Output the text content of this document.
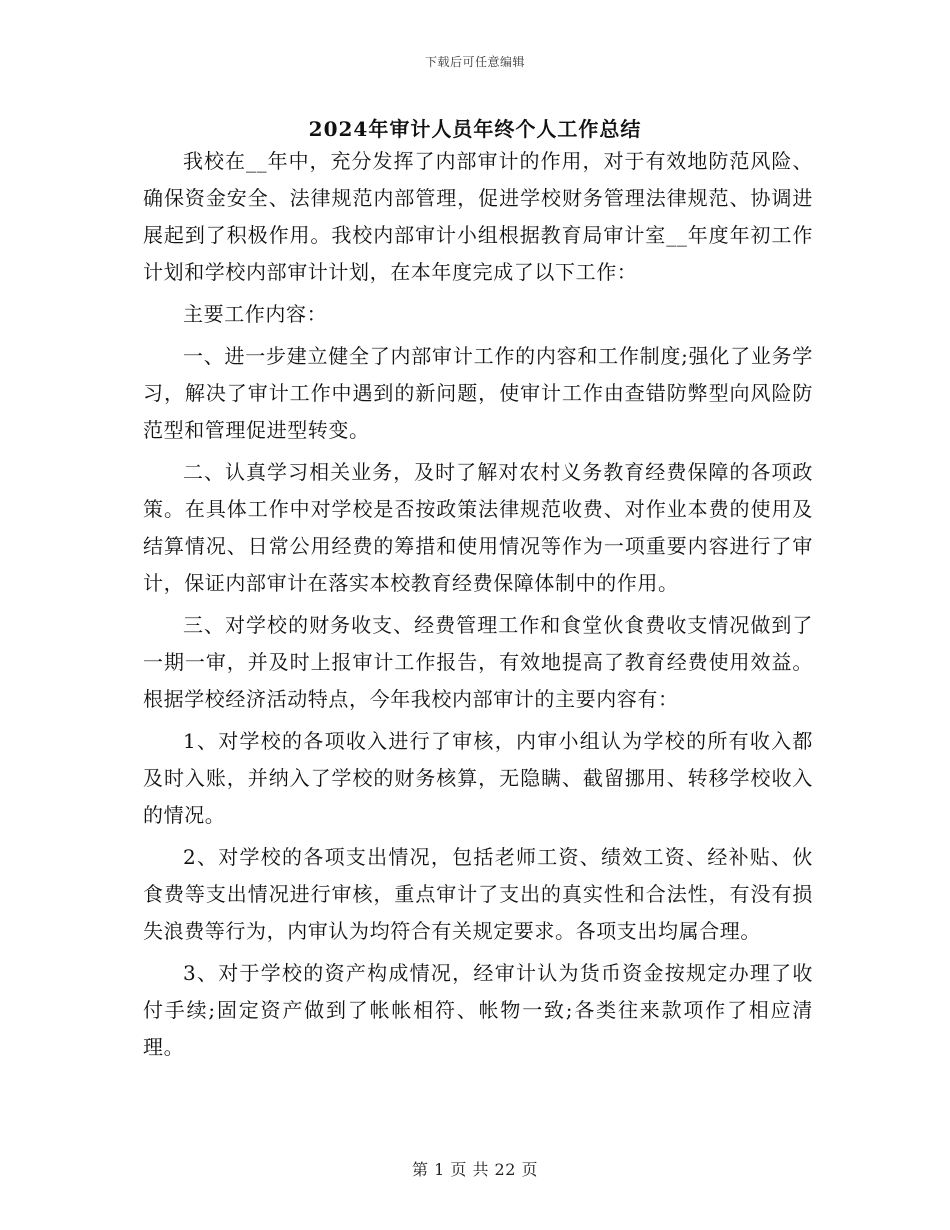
下载后可任意编辑
2024年审计人员年终个人工作总结

我校在__年中，充分发挥了内部审计的作用，对于有效地防范风险、确保资金安全、法律规范内部管理，促进学校财务管理法律规范、协调进展起到了积极作用。我校内部审计小组根据教育局审计室__年度年初工作计划和学校内部审计计划，在本年度完成了以下工作：

主要工作内容：

一、进一步建立健全了内部审计工作的内容和工作制度;强化了业务学习，解决了审计工作中遇到的新问题，使审计工作由查错防弊型向风险防范型和管理促进型转变。

二、认真学习相关业务，及时了解对农村义务教育经费保障的各项政策。在具体工作中对学校是否按政策法律规范收费、对作业本费的使用及结算情况、日常公用经费的筹措和使用情况等作为一项重要内容进行了审计，保证内部审计在落实本校教育经费保障体制中的作用。

三、对学校的财务收支、经费管理工作和食堂伙食费收支情况做到了一期一审，并及时上报审计工作报告，有效地提高了教育经费使用效益。根据学校经济活动特点，今年我校内部审计的主要内容有：

1、对学校的各项收入进行了审核，内审小组认为学校的所有收入都及时入账，并纳入了学校的财务核算，无隐瞒、截留挪用、转移学校收入的情况。

2、对学校的各项支出情况，包括老师工资、绩效工资、经补贴、伙食费等支出情况进行审核，重点审计了支出的真实性和合法性，有没有损失浪费等行为，内审认为均符合有关规定要求。各项支出均属合理。

3、对于学校的资产构成情况，经审计认为货币资金按规定办理了收付手续;固定资产做到了帐帐相符、帐物一致;各类往来款项作了相应清理。

第 1 页 共 22 页
